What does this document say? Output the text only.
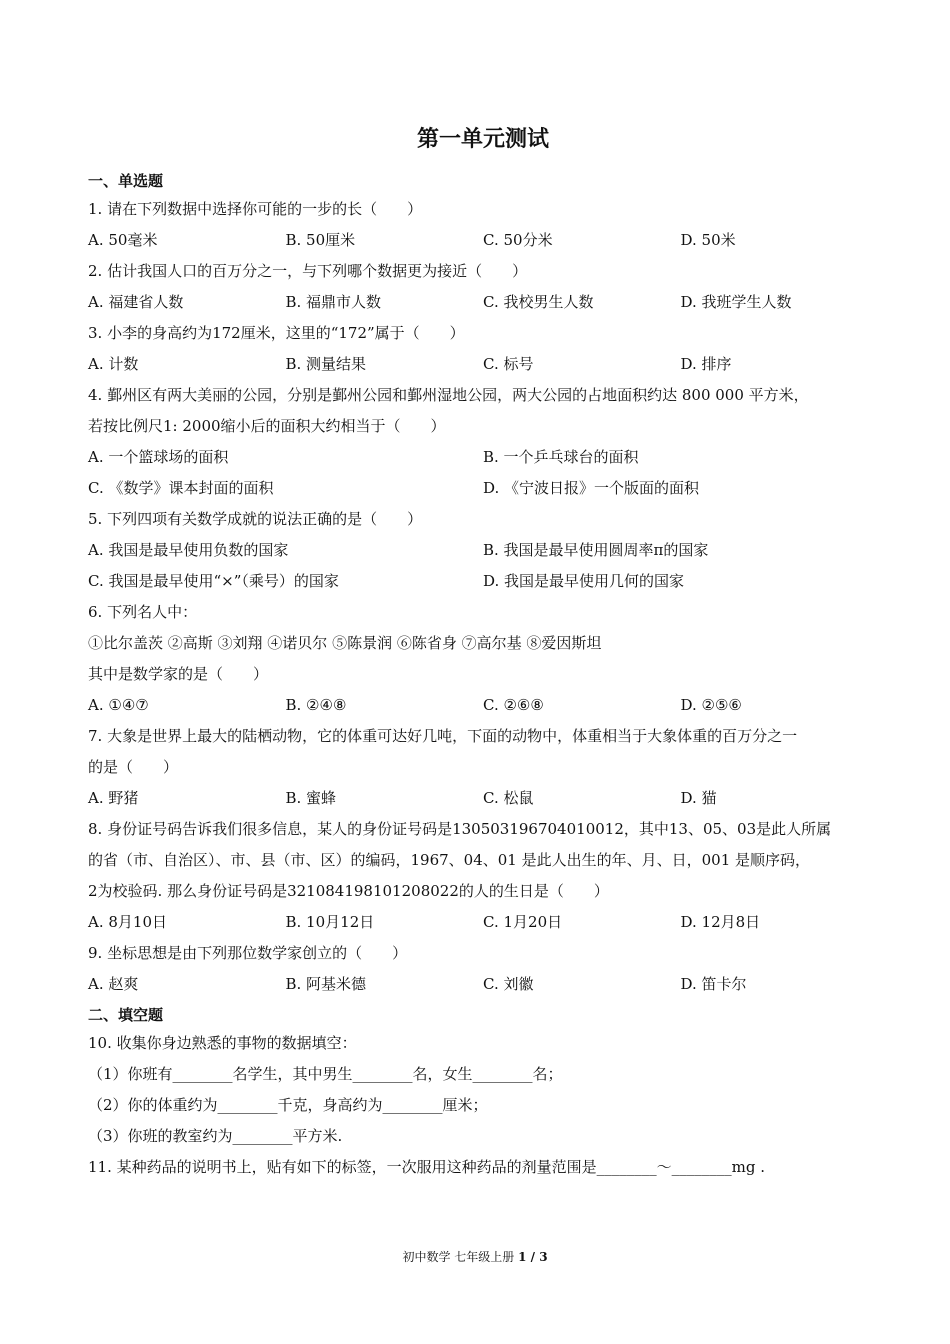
第一单元测试
一、单选题
1. 请在下列数据中选择你可能的一步的长（　　）
A. 50毫米	B. 50厘米	C. 50分米	D. 50米
2. 估计我国人口的百万分之一，与下列哪个数据更为接近（　　）
A. 福建省人数	B. 福鼎市人数	C. 我校男生人数	D. 我班学生人数
3. 小李的身高约为172厘米，这里的“172”属于（　　）
A. 计数	B. 测量结果	C. 标号	D. 排序
4. 鄞州区有两大美丽的公园，分别是鄞州公园和鄞州湿地公园，两大公园的占地面积约达 800 000 平方米，
若按比例尺1: 2000缩小后的面积大约相当于（　　）
A. 一个篮球场的面积	B. 一个乒乓球台的面积
C. 《数学》课本封面的面积	D. 《宁波日报》一个版面的面积
5. 下列四项有关数学成就的说法正确的是（　　）
A. 我国是最早使用负数的国家	B. 我国是最早使用圆周率π的国家
C. 我国是最早使用“×”（乘号）的国家	D. 我国是最早使用几何的国家
6. 下列名人中：
①比尔盖茨 ②高斯 ③刘翔 ④诺贝尔 ⑤陈景润 ⑥陈省身 ⑦高尔基 ⑧爱因斯坦
其中是数学家的是（　　）
A. ①④⑦	B. ②④⑧	C. ②⑥⑧	D. ②⑤⑥
7. 大象是世界上最大的陆栖动物，它的体重可达好几吨，下面的动物中，体重相当于大象体重的百万分之一
的是（　　）
A. 野猪	B. 蜜蜂	C. 松鼠	D. 猫
8. 身份证号码告诉我们很多信息，某人的身份证号码是130503196704010012，其中13、05、03是此人所属
的省（市、自治区）、市、县（市、区）的编码，1967、04、01 是此人出生的年、月、日，001 是顺序码，
2为校验码. 那么身份证号码是321084198101208022的人的生日是（　　）
A. 8月10日	B. 10月12日	C. 1月20日	D. 12月8日
9. 坐标思想是由下列那位数学家创立的（　　）
A. 赵爽	B. 阿基米德	C. 刘徽	D. 笛卡尔
二、填空题
10. 收集你身边熟悉的事物的数据填空：
（1）你班有________名学生，其中男生________名，女生________名；
（2）你的体重约为________千克，身高约为________厘米；
（3）你班的教室约为________平方米.
11. 某种药品的说明书上，贴有如下的标签，一次服用这种药品的剂量范围是________～________mg .
初中数学 七年级上册 1 / 3
